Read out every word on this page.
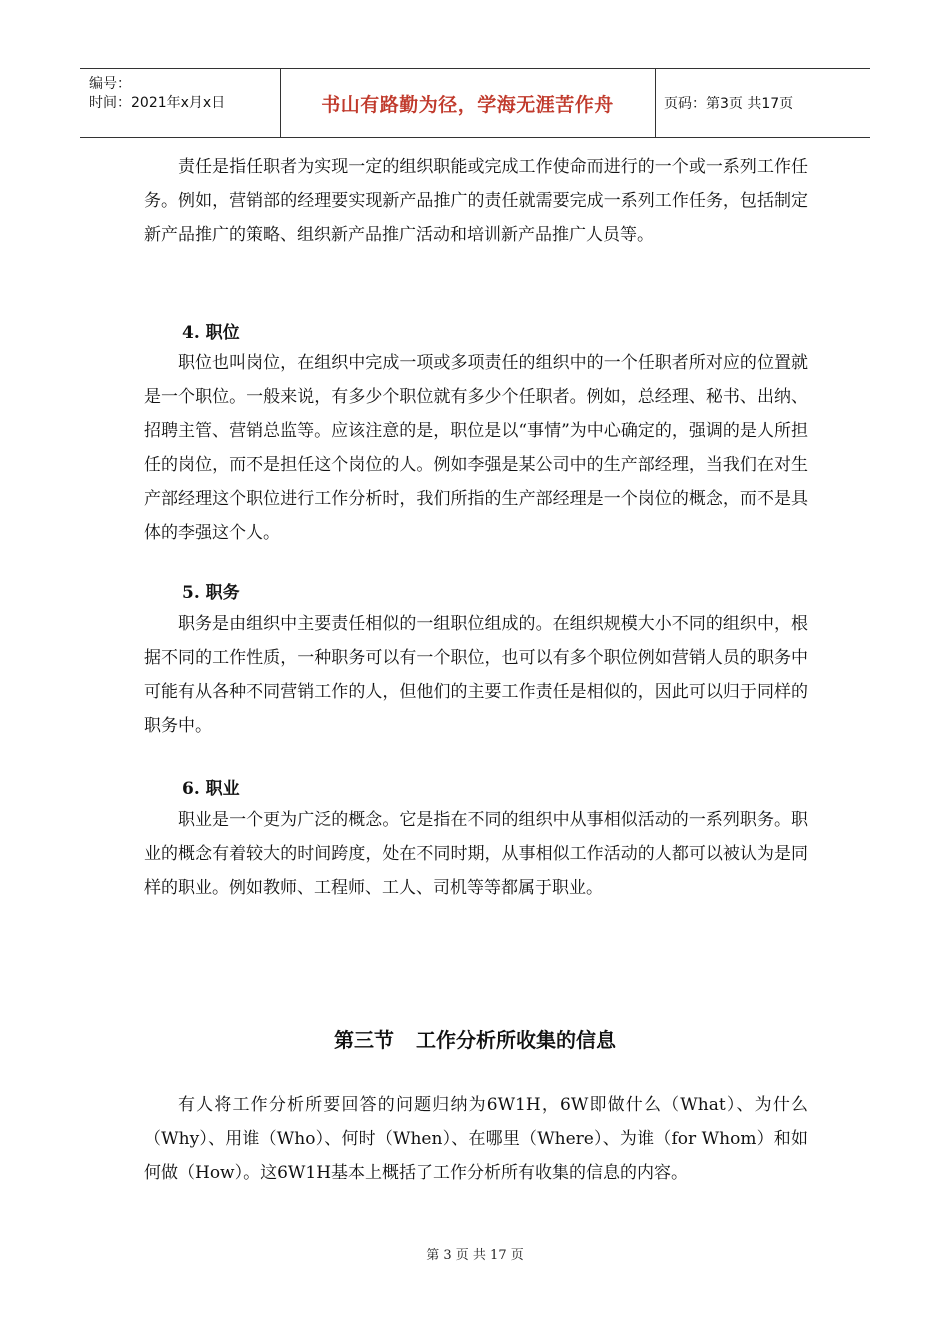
编号：
时间：2021年x月x日	书山有路勤为径，学海无涯苦作舟	页码：第3页 共17页

责任是指任职者为实现一定的组织职能或完成工作使命而进行的一个或一系列工作任务。例如，营销部的经理要实现新产品推广的责任就需要完成一系列工作任务，包括制定新产品推广的策略、组织新产品推广活动和培训新产品推广人员等。

4. 职位

职位也叫岗位，在组织中完成一项或多项责任的组织中的一个任职者所对应的位置就是一个职位。一般来说，有多少个职位就有多少个任职者。例如，总经理、秘书、出纳、招聘主管、营销总监等。应该注意的是，职位是以“事情”为中心确定的，强调的是人所担任的岗位，而不是担任这个岗位的人。例如李强是某公司中的生产部经理，当我们在对生产部经理这个职位进行工作分析时，我们所指的生产部经理是一个岗位的概念，而不是具体的李强这个人。

5. 职务

职务是由组织中主要责任相似的一组职位组成的。在组织规模大小不同的组织中，根据不同的工作性质，一种职务可以有一个职位，也可以有多个职位例如营销人员的职务中可能有从各种不同营销工作的人，但他们的主要工作责任是相似的，因此可以归于同样的职务中。

6. 职业

职业是一个更为广泛的概念。它是指在不同的组织中从事相似活动的一系列职务。职业的概念有着较大的时间跨度，处在不同时期，从事相似工作活动的人都可以被认为是同样的职业。例如教师、工程师、工人、司机等等都属于职业。

第三节 工作分析所收集的信息

有人将工作分析所要回答的问题归纳为6W1H，6W即做什么（What）、为什么（Why）、用谁（Who）、何时（When）、在哪里（Where）、为谁（for Whom）和如何做（How）。这6W1H基本上概括了工作分析所有收集的信息的内容。

第 3 页 共 17 页
